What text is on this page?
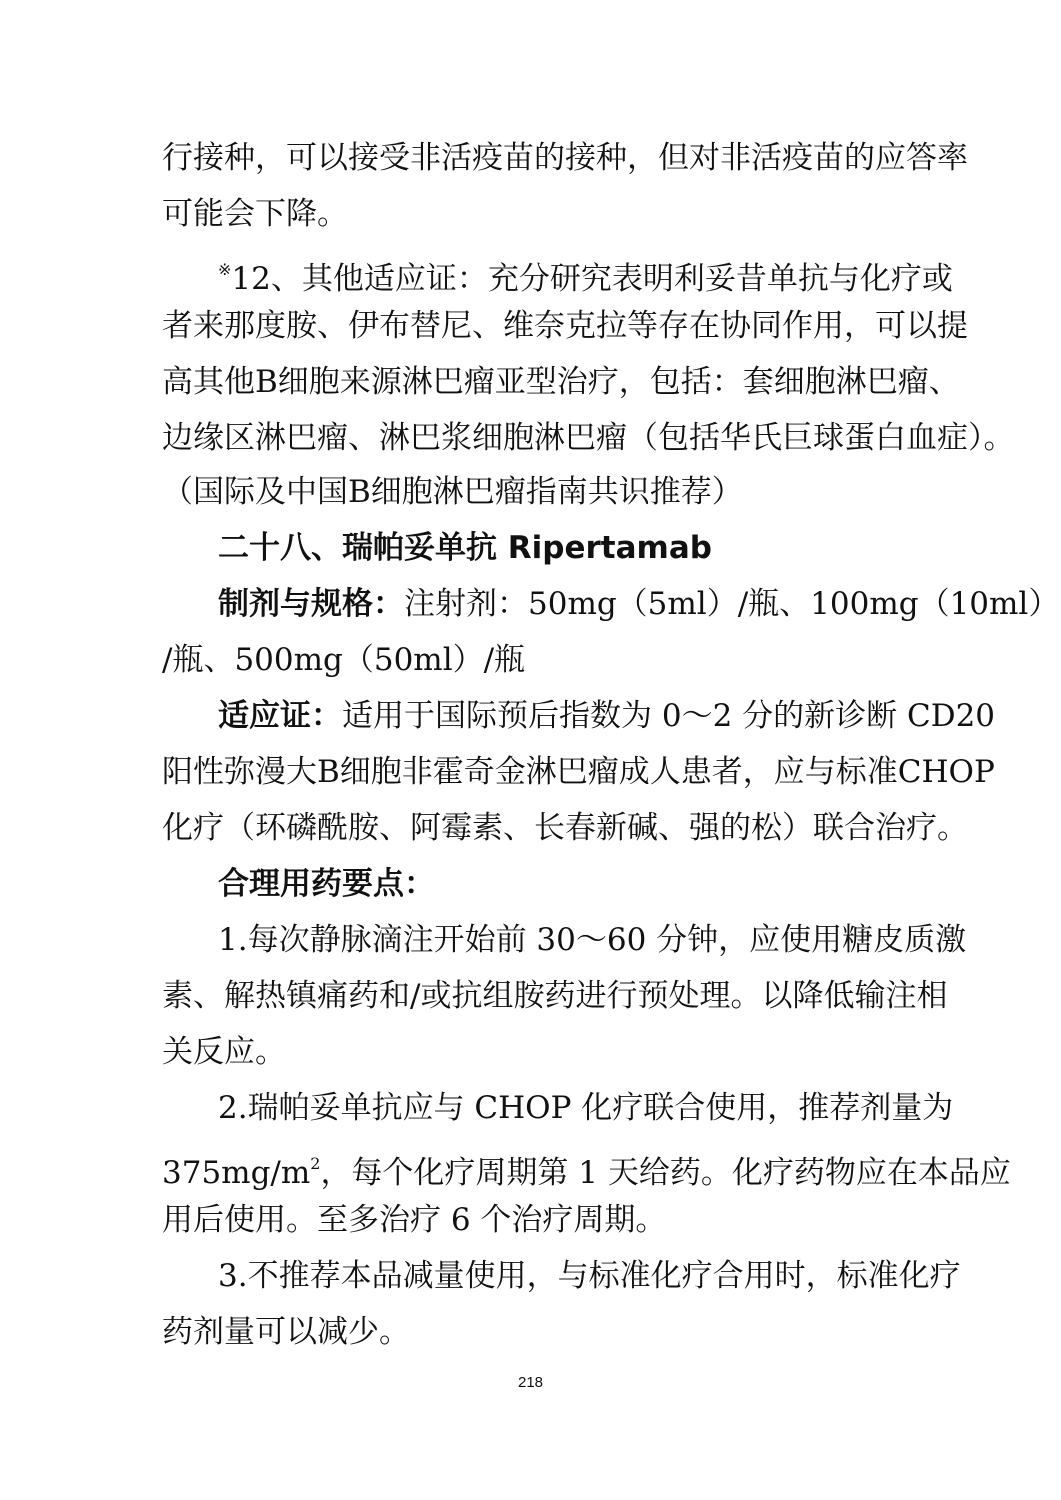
行接种，可以接受非活疫苗的接种，但对非活疫苗的应答率
可能会下降。
※12、其他适应证：充分研究表明利妥昔单抗与化疗或
者来那度胺、伊布替尼、维奈克拉等存在协同作用，可以提
高其他B细胞来源淋巴瘤亚型治疗，包括：套细胞淋巴瘤、
边缘区淋巴瘤、淋巴浆细胞淋巴瘤（包括华氏巨球蛋白血症）。
（国际及中国B细胞淋巴瘤指南共识推荐）
二十八、瑞帕妥单抗 Ripertamab
制剂与规格：注射剂：50mg（5ml）/瓶、100mg（10ml）
/瓶、500mg（50ml）/瓶
适应证：适用于国际预后指数为 0～2 分的新诊断 CD20
阳性弥漫大B细胞非霍奇金淋巴瘤成人患者，应与标准CHOP
化疗（环磷酰胺、阿霉素、长春新碱、强的松）联合治疗。
合理用药要点：
1.每次静脉滴注开始前 30～60 分钟，应使用糖皮质激
素、解热镇痛药和/或抗组胺药进行预处理。以降低输注相
关反应。
2.瑞帕妥单抗应与 CHOP 化疗联合使用，推荐剂量为
$375mg/m^2$，每个化疗周期第 1 天给药。化疗药物应在本品应
用后使用。至多治疗 6 个治疗周期。
3.不推荐本品减量使用，与标准化疗合用时，标准化疗
药剂量可以减少。
218
